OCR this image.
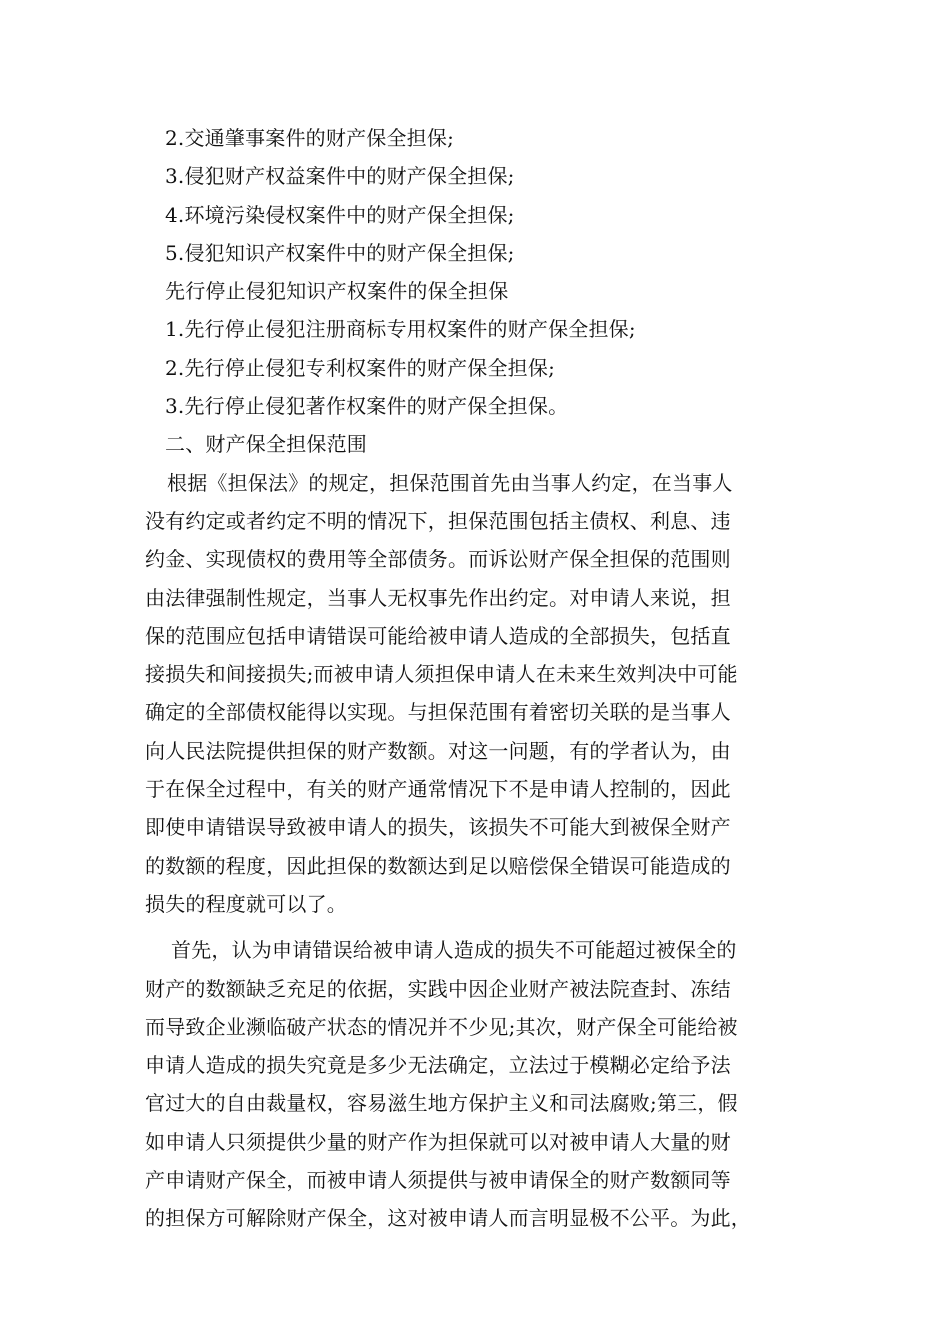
2.交通肇事案件的财产保全担保;
3.侵犯财产权益案件中的财产保全担保;
4.环境污染侵权案件中的财产保全担保;
5.侵犯知识产权案件中的财产保全担保;
先行停止侵犯知识产权案件的保全担保
1.先行停止侵犯注册商标专用权案件的财产保全担保;
2.先行停止侵犯专利权案件的财产保全担保;
3.先行停止侵犯著作权案件的财产保全担保。
二、财产保全担保范围
根据《担保法》的规定，担保范围首先由当事人约定，在当事人
没有约定或者约定不明的情况下，担保范围包括主债权、利息、违
约金、实现债权的费用等全部债务。而诉讼财产保全担保的范围则
由法律强制性规定，当事人无权事先作出约定。对申请人来说，担
保的范围应包括申请错误可能给被申请人造成的全部损失，包括直
接损失和间接损失;而被申请人须担保申请人在未来生效判决中可能
确定的全部债权能得以实现。与担保范围有着密切关联的是当事人
向人民法院提供担保的财产数额。对这一问题，有的学者认为，由
于在保全过程中，有关的财产通常情况下不是申请人控制的，因此
即使申请错误导致被申请人的损失，该损失不可能大到被保全财产
的数额的程度，因此担保的数额达到足以赔偿保全错误可能造成的
损失的程度就可以了。
首先，认为申请错误给被申请人造成的损失不可能超过被保全的
财产的数额缺乏充足的依据，实践中因企业财产被法院查封、冻结
而导致企业濒临破产状态的情况并不少见;其次，财产保全可能给被
申请人造成的损失究竟是多少无法确定，立法过于模糊必定给予法
官过大的自由裁量权，容易滋生地方保护主义和司法腐败;第三，假
如申请人只须提供少量的财产作为担保就可以对被申请人大量的财
产申请财产保全，而被申请人须提供与被申请保全的财产数额同等
的担保方可解除财产保全，这对被申请人而言明显极不公平。为此，
